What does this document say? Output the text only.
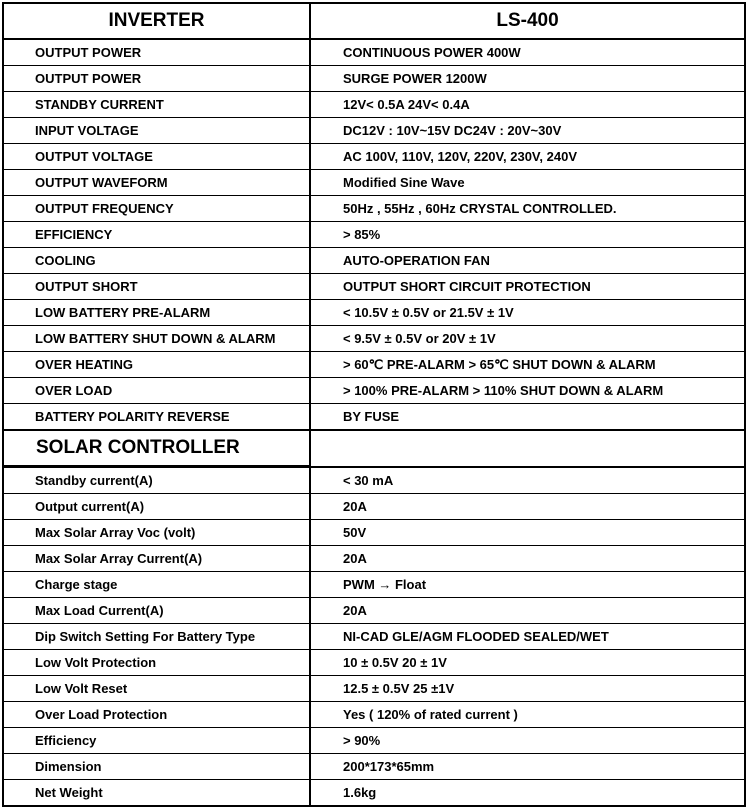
INVERTER	LS-400
OUTPUT POWER	CONTINUOUS POWER 400W
OUTPUT POWER	SURGE POWER 1200W
STANDBY CURRENT	12V< 0.5A 24V< 0.4A
INPUT VOLTAGE	DC12V : 10V~15V DC24V : 20V~30V
OUTPUT VOLTAGE	AC 100V, 110V, 120V, 220V, 230V, 240V
OUTPUT WAVEFORM	Modified Sine Wave
OUTPUT FREQUENCY	50Hz , 55Hz , 60Hz CRYSTAL CONTROLLED.
EFFICIENCY	> 85%
COOLING	AUTO-OPERATION FAN
OUTPUT SHORT	OUTPUT SHORT CIRCUIT PROTECTION
LOW BATTERY PRE-ALARM	< 10.5V ± 0.5V or 21.5V ± 1V
LOW BATTERY SHUT DOWN & ALARM	< 9.5V ± 0.5V or 20V ± 1V
OVER HEATING	> 60℃ PRE-ALARM > 65℃ SHUT DOWN & ALARM
OVER LOAD	> 100% PRE-ALARM > 110% SHUT DOWN & ALARM
BATTERY POLARITY REVERSE	BY FUSE
SOLAR CONTROLLER	
Standby current(A)	< 30 mA
Output current(A)	20A
Max Solar Array Voc (volt)	50V
Max Solar Array Current(A)	20A
Charge stage	PWM → Float
Max Load Current(A)	20A
Dip Switch Setting For Battery Type	NI-CAD GLE/AGM FLOODED SEALED/WET
Low Volt Protection	10 ± 0.5V 20 ± 1V
Low Volt Reset	12.5 ± 0.5V 25 ±1V
Over Load Protection	Yes ( 120% of rated current )
Efficiency	> 90%
Dimension	200*173*65mm
Net Weight	1.6kg
